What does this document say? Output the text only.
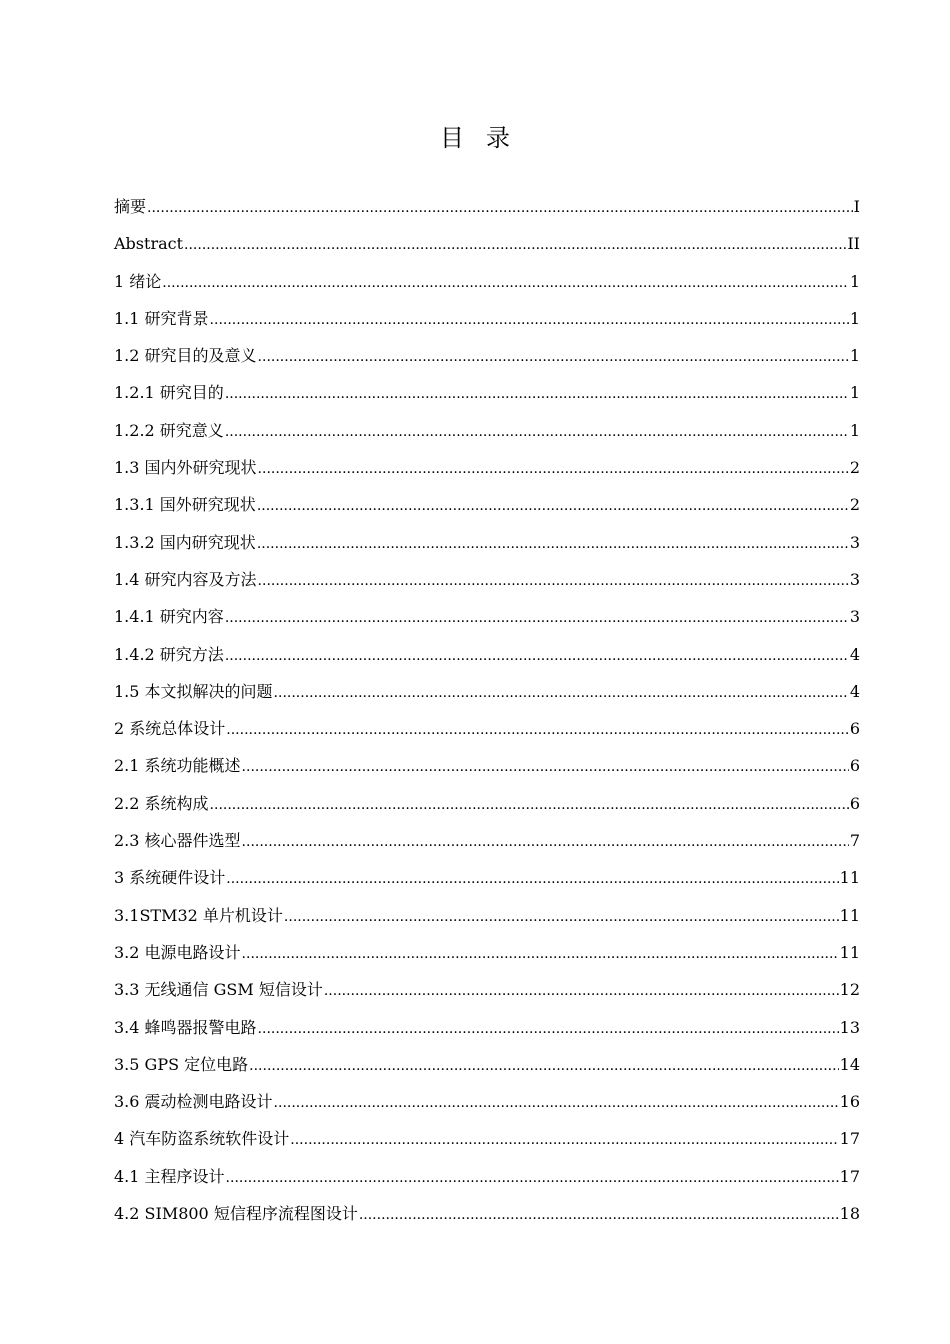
目录
摘要 .....	I
Abstract .....	II
1 绪论 .....	1
1.1 研究背景 .....	1
1.2 研究目的及意义 .....	1
1.2.1 研究目的 .....	1
1.2.2 研究意义 .....	1
1.3 国内外研究现状 .....	2
1.3.1 国外研究现状 .....	2
1.3.2 国内研究现状 .....	3
1.4 研究内容及方法 .....	3
1.4.1 研究内容 .....	3
1.4.2 研究方法 .....	4
1.5 本文拟解决的问题 .....	4
2 系统总体设计 .....	6
2.1 系统功能概述 .....	6
2.2 系统构成 .....	6
2.3 核心器件选型 .....	7
3 系统硬件设计 .....	11
3.1STM32 单片机设计 .....	11
3.2 电源电路设计 .....	11
3.3 无线通信 GSM 短信设计 .....	12
3.4 蜂鸣器报警电路 .....	13
3.5 GPS 定位电路 .....	14
3.6 震动检测电路设计 .....	16
4 汽车防盗系统软件设计 .....	17
4.1 主程序设计 .....	17
4.2 SIM800 短信程序流程图设计 .....	18
